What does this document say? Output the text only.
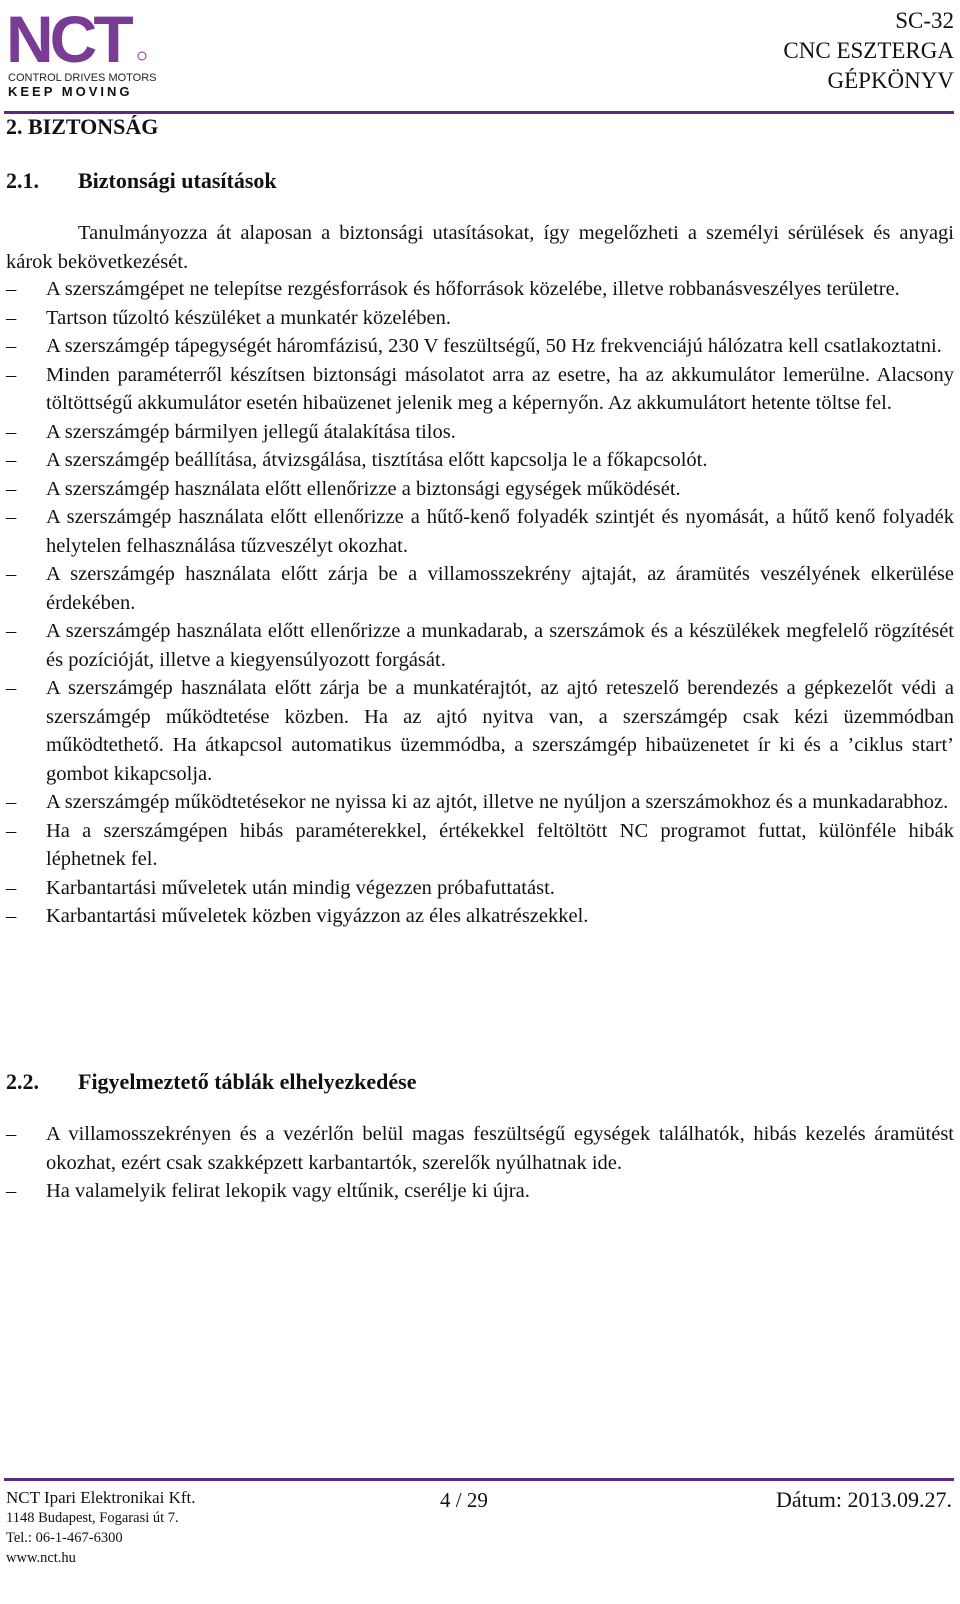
NCT
CONTROL DRIVES MOTORS
KEEP MOVING
SC-32
CNC ESZTERGA
GÉPKÖNYV
2. BIZTONSÁG
2.1. Biztonsági utasítások
Tanulmányozza át alaposan a biztonsági utasításokat, így megelőzheti a személyi sérülések és anyagi károk bekövetkezését.
– A szerszámgépet ne telepítse rezgésforrások és hőforrások közelébe, illetve robbanásveszélyes területre.
– Tartson tűzoltó készüléket a munkatér közelében.
– A szerszámgép tápegységét háromfázisú, 230 V feszültségű, 50 Hz frekvenciájú hálózatra kell csatlakoztatni.
– Minden paraméterről készítsen biztonsági másolatot arra az esetre, ha az akkumulátor lemerülne. Alacsony töltöttségű akkumulátor esetén hibaüzenet jelenik meg a képernyőn. Az akkumulátort hetente töltse fel.
– A szerszámgép bármilyen jellegű átalakítása tilos.
– A szerszámgép beállítása, átvizsgálása, tisztítása előtt kapcsolja le a főkapcsolót.
– A szerszámgép használata előtt ellenőrizze a biztonsági egységek működését.
– A szerszámgép használata előtt ellenőrizze a hűtő-kenő folyadék szintjét és nyomását, a hűtő kenő folyadék helytelen felhasználása tűzveszélyt okozhat.
– A szerszámgép használata előtt zárja be a villamosszekrény ajtaját, az áramütés veszélyének elkerülése érdekében.
– A szerszámgép használata előtt ellenőrizze a munkadarab, a szerszámok és a készülékek megfelelő rögzítését és pozícióját, illetve a kiegyensúlyozott forgását.
– A szerszámgép használata előtt zárja be a munkatérajtót, az ajtó reteszelő berendezés a gépkezelőt védi a szerszámgép működtetése közben. Ha az ajtó nyitva van, a szerszámgép csak kézi üzemmódban működtethető. Ha átkapcsol automatikus üzemmódba, a szerszámgép hibaüzenetet ír ki és a ’ciklus start’ gombot kikapcsolja.
– A szerszámgép működtetésekor ne nyissa ki az ajtót, illetve ne nyúljon a szerszámokhoz és a munkadarabhoz.
– Ha a szerszámgépen hibás paraméterekkel, értékekkel feltöltött NC programot futtat, különféle hibák léphetnek fel.
– Karbantartási műveletek után mindig végezzen próbafuttatást.
– Karbantartási műveletek közben vigyázzon az éles alkatrészekkel.
2.2. Figyelmeztető táblák elhelyezkedése
– A villamosszekrényen és a vezérlőn belül magas feszültségű egységek találhatók, hibás kezelés áramütést okozhat, ezért csak szakképzett karbantartók, szerelők nyúlhatnak ide.
– Ha valamelyik felirat lekopik vagy eltűnik, cserélje ki újra.
NCT Ipari Elektronikai Kft.
1148 Budapest, Fogarasi út 7.
Tel.: 06-1-467-6300
www.nct.hu
4 / 29	Dátum: 2013.09.27.
